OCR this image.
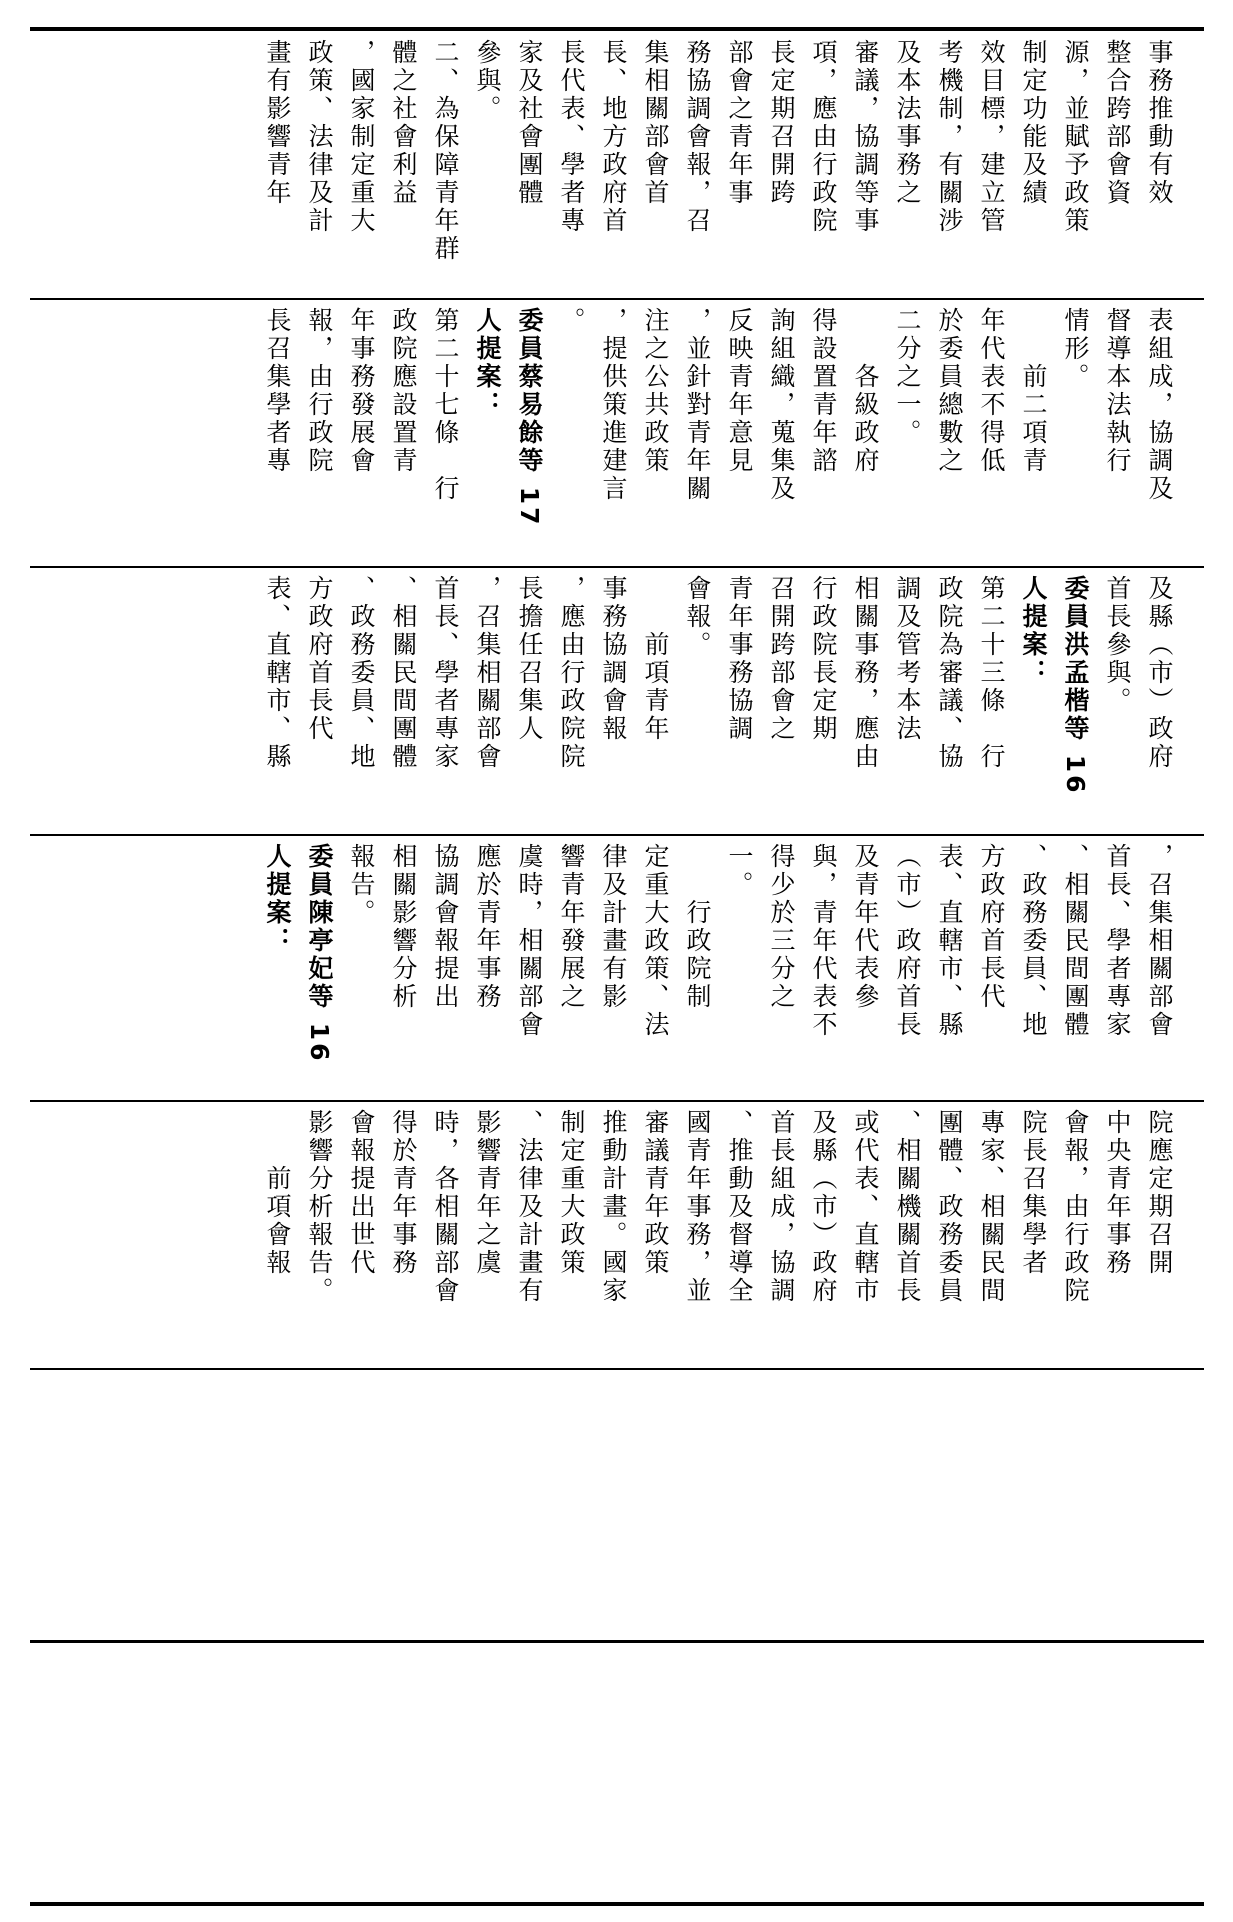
事務推動有效
整合跨部會資
源，並賦予政策
制定功能及績
效目標，建立管
考機制，有關涉
及本法事務之
審議，協調等事
項，應由行政院
長定期召開跨
部會之青年事
務協調會報，召
集相關部會首
長、地方政府首
長代表、學者專
家及社會團體
參與。
二、為保障青年群
體之社會利益
，國家制定重大
政策、法律及計
畫有影響青年

表組成，協調及
督導本法執行
情形。
　　前二項青
年代表不得低
於委員總數之
二分之一。
　　各級政府
得設置青年諮
詢組織，蒐集及
反映青年意見
，並針對青年關
注之公共政策
，提供策進建言
。
委員蔡易餘等 17
人提案：
第二十七條　行
政院應設置青
年事務發展會
報，由行政院
長召集學者專

及縣（市）政府
首長參與。
委員洪孟楷等 16
人提案：
第二十三條　行
政院為審議、協
調及管考本法
相關事務，應由
行政院長定期
召開跨部會之
青年事務協調
會報。
　　前項青年
事務協調會報
，應由行政院院
長擔任召集人
，召集相關部會
首長、學者專家
、相關民間團體
、政務委員、地
方政府首長代
表、直轄市、縣

，召集相關部會
首長、學者專家
、相關民間團體
、政務委員、地
方政府首長代
表、直轄市、縣
（市）政府首長
及青年代表參
與，青年代表不
得少於三分之
一。
　　行政院制
定重大政策、法
律及計畫有影
響青年發展之
虞時，相關部會
應於青年事務
協調會報提出
相關影響分析
報告。
委員陳亭妃等 16
人提案：

院應定期召開
中央青年事務
會報，由行政院
院長召集學者
專家、相關民間
團體、政務委員
、相關機關首長
或代表、直轄市
及縣（市）政府
首長組成，協調
、推動及督導全
國青年事務，並
審議青年政策
推動計畫。國家
制定重大政策
、法律及計畫有
影響青年之虞
時，各相關部會
得於青年事務
會報提出世代
影響分析報告。
　　前項會報
